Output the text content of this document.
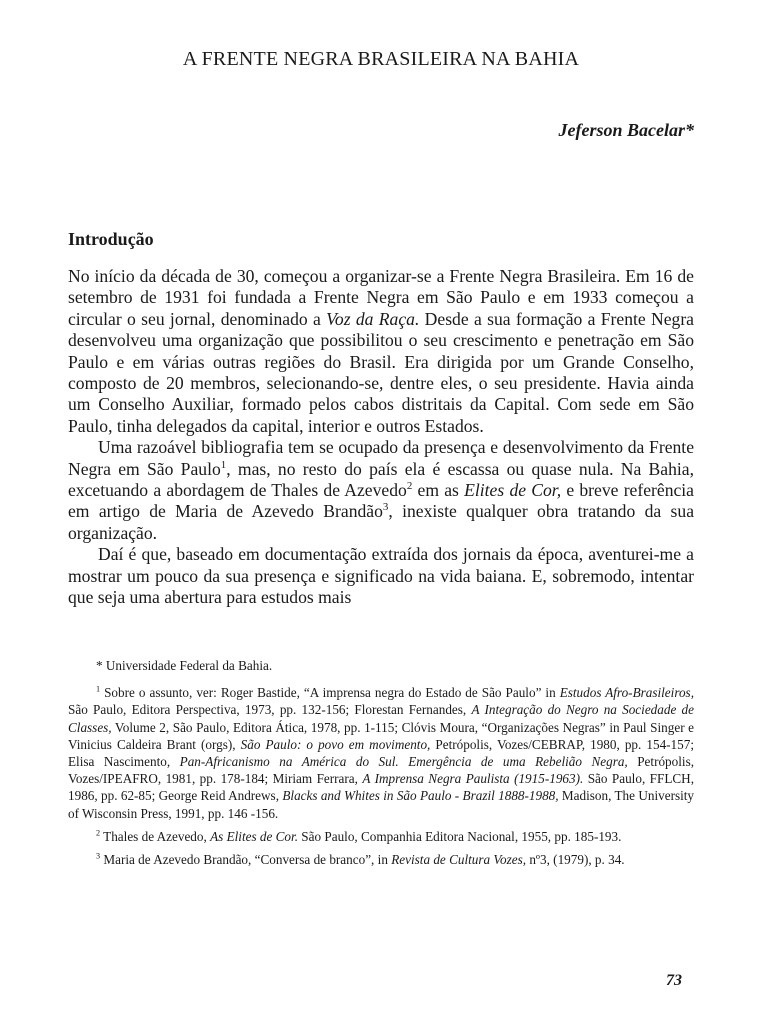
A FRENTE NEGRA BRASILEIRA NA BAHIA

Jeferson Bacelar*

Introdução

No início da década de 30, começou a organizar-se a Frente Negra Brasileira. Em 16 de setembro de 1931 foi fundada a Frente Negra em São Paulo e em 1933 começou a circular o seu jornal, denominado a Voz da Raça. Desde a sua formação a Frente Negra desenvolveu uma organização que possibilitou o seu crescimento e penetração em São Paulo e em várias outras regiões do Brasil. Era dirigida por um Grande Conselho, composto de 20 membros, selecionando-se, dentre eles, o seu presidente. Havia ainda um Conselho Auxiliar, formado pelos cabos distritais da Capital. Com sede em São Paulo, tinha delegados da capital, interior e outros Estados.

Uma razoável bibliografia tem se ocupado da presença e desenvolvimento da Frente Negra em São Paulo$^1$, mas, no resto do país ela é escassa ou quase nula. Na Bahia, excetuando a abordagem de Thales de Azevedo$^2$ em as Elites de Cor, e breve referência em artigo de Maria de Azevedo Brandão$^3$, inexiste qualquer obra tratando da sua organização.

Daí é que, baseado em documentação extraída dos jornais da época, aventurei-me a mostrar um pouco da sua presença e significado na vida baiana. E, sobremodo, intentar que seja uma abertura para estudos mais

* Universidade Federal da Bahia.

$^1$ Sobre o assunto, ver: Roger Bastide, “A imprensa negra do Estado de São Paulo” in Estudos Afro-Brasileiros, São Paulo, Editora Perspectiva, 1973, pp. 132-156; Florestan Fernandes, A Integração do Negro na Sociedade de Classes, Volume 2, São Paulo, Editora Ática, 1978, pp. 1-115; Clóvis Moura, “Organizações Negras” in Paul Singer e Vinicius Caldeira Brant (orgs), São Paulo: o povo em movimento, Petrópolis, Vozes/CEBRAP, 1980, pp. 154-157; Elisa Nascimento, Pan-Africanismo na América do Sul. Emergência de uma Rebelião Negra, Petrópolis, Vozes/IPEAFRO, 1981, pp. 178-184; Miriam Ferrara, A Imprensa Negra Paulista (1915-1963). São Paulo, FFLCH, 1986, pp. 62-85; George Reid Andrews, Blacks and Whites in São Paulo - Brazil 1888-1988, Madison, The University of Wisconsin Press, 1991, pp. 146 -156.

$^2$ Thales de Azevedo, As Elites de Cor. São Paulo, Companhia Editora Nacional, 1955, pp. 185-193.

$^3$ Maria de Azevedo Brandão, “Conversa de branco”, in Revista de Cultura Vozes, nº3, (1979), p. 34.

73
